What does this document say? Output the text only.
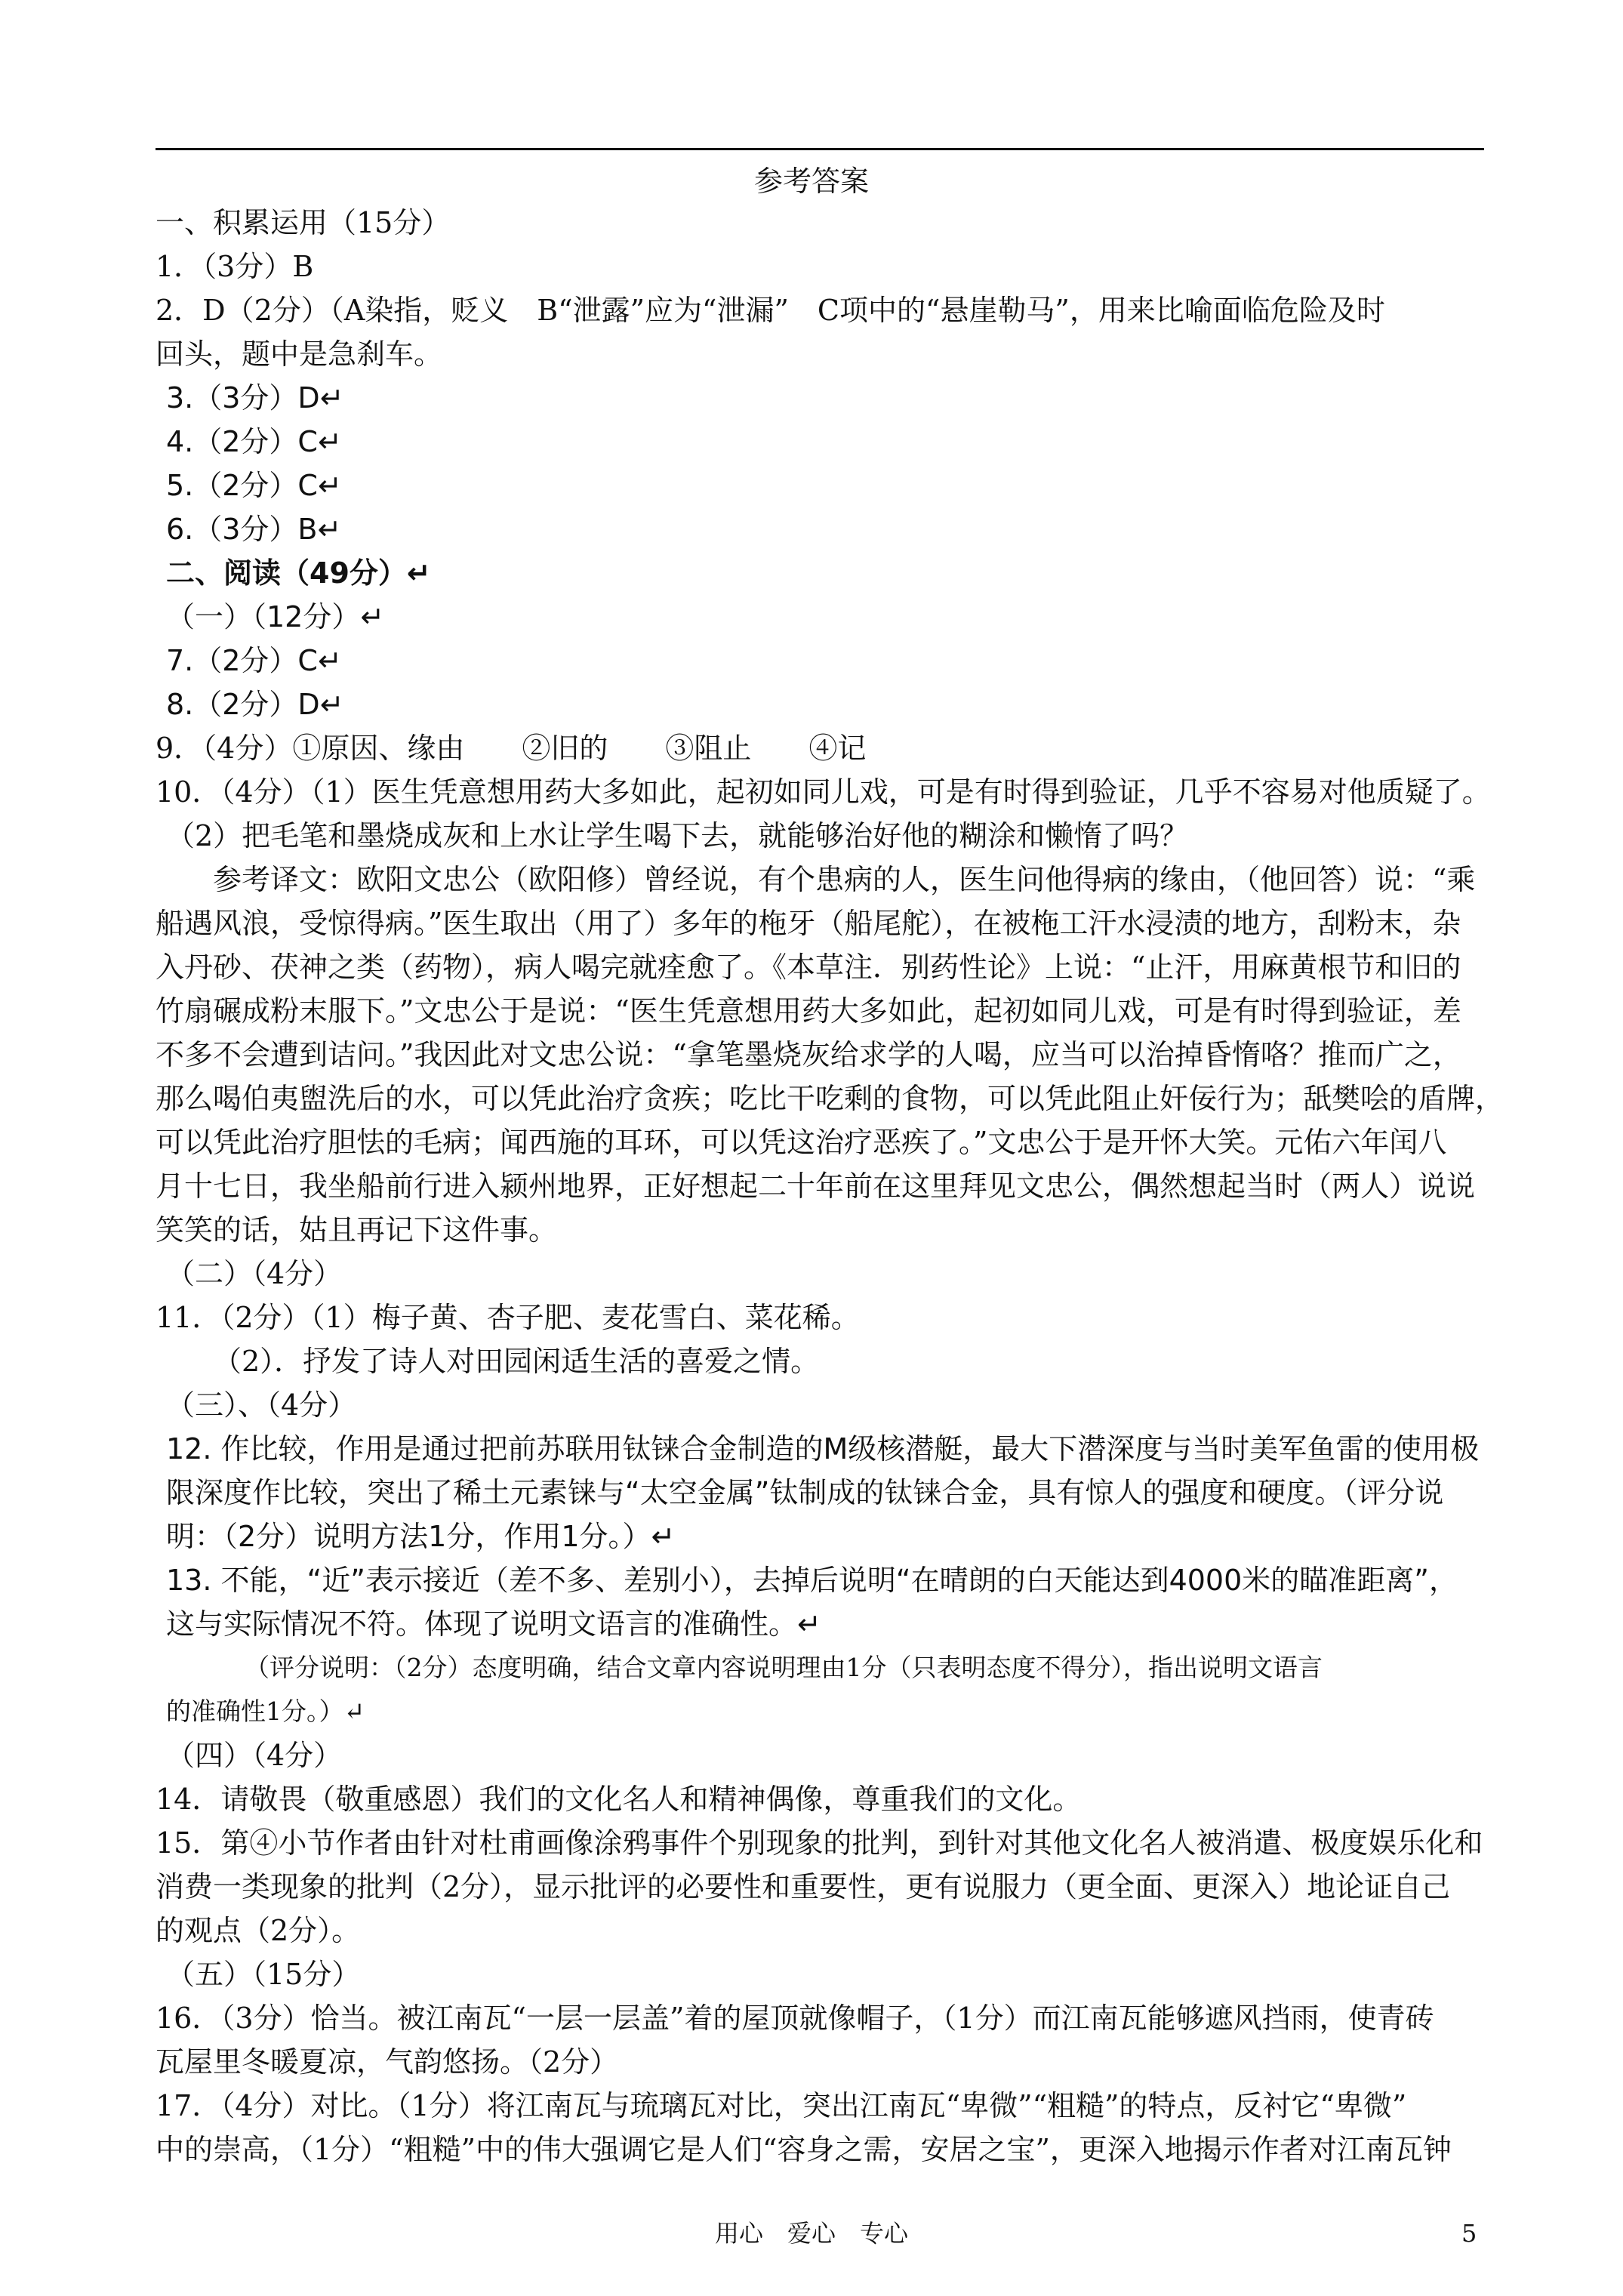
参考答案
一、积累运用（15分）
1．（3分）B
2．D（2分）（A染指，贬义　B“泄露”应为“泄漏”　C项中的“悬崖勒马”，用来比喻面临危险及时
回头，题中是急刹车。
3.（3分）D↵
4.（2分）C↵
5.（2分）C↵
6.（3分）B↵
二、阅读（49分）↵
（一）（12分）↵
7.（2分）C↵
8.（2分）D↵
9．（4分）①原因、缘由　　②旧的　　③阻止　　④记
10．（4分）（1）医生凭意想用药大多如此，起初如同儿戏，可是有时得到验证，几乎不容易对他质疑了。
（2）把毛笔和墨烧成灰和上水让学生喝下去，就能够治好他的糊涂和懒惰了吗？
参考译文：欧阳文忠公（欧阳修）曾经说，有个患病的人，医生问他得病的缘由，（他回答）说：“乘
船遇风浪，受惊得病。”医生取出（用了）多年的柂牙（船尾舵），在被柂工汗水浸渍的地方，刮粉末，杂
入丹砂、茯神之类（药物），病人喝完就痊愈了。《本草注．别药性论》上说：“止汗，用麻黄根节和旧的
竹扇碾成粉末服下。”文忠公于是说：“医生凭意想用药大多如此，起初如同儿戏，可是有时得到验证，差
不多不会遭到诘问。”我因此对文忠公说：“拿笔墨烧灰给求学的人喝，应当可以治掉昏惰咯？推而广之，
那么喝伯夷盥洗后的水，可以凭此治疗贪疾；吃比干吃剩的食物，可以凭此阻止奸佞行为；舐樊哙的盾牌，
可以凭此治疗胆怯的毛病；闻西施的耳环，可以凭这治疗恶疾了。”文忠公于是开怀大笑。元佑六年闰八
月十七日，我坐船前行进入颍州地界，正好想起二十年前在这里拜见文忠公，偶然想起当时（两人）说说
笑笑的话，姑且再记下这件事。
（二）（4分）
11．（2分）（1）梅子黄、杏子肥、麦花雪白、菜花稀。
（2）．抒发了诗人对田园闲适生活的喜爱之情。
（三）、（4分）
12. 作比较，作用是通过把前苏联用钛铼合金制造的M级核潜艇，最大下潜深度与当时美军鱼雷的使用极
限深度作比较，突出了稀土元素铼与“太空金属”钛制成的钛铼合金，具有惊人的强度和硬度。（评分说
明：（2分）说明方法1分，作用1分。）↵
13. 不能，“近”表示接近（差不多、差别小），去掉后说明“在晴朗的白天能达到4000米的瞄准距离”，
这与实际情况不符。体现了说明文语言的准确性。↵
（评分说明：（2分）态度明确，结合文章内容说明理由1分（只表明态度不得分），指出说明文语言
的准确性1分。）↵
（四）（4分）
14．请敬畏（敬重感恩）我们的文化名人和精神偶像，尊重我们的文化。
15．第④小节作者由针对杜甫画像涂鸦事件个别现象的批判，到针对其他文化名人被消遣、极度娱乐化和
消费一类现象的批判（2分），显示批评的必要性和重要性，更有说服力（更全面、更深入）地论证自己
的观点（2分）。
（五）（15分）
16．（3分）恰当。被江南瓦“一层一层盖”着的屋顶就像帽子，（1分）而江南瓦能够遮风挡雨，使青砖
瓦屋里冬暖夏凉，气韵悠扬。（2分）
17．（4分）对比。（1分）将江南瓦与琉璃瓦对比，突出江南瓦“卑微”“粗糙”的特点，反衬它“卑微”
中的崇高，（1分）“粗糙”中的伟大强调它是人们“容身之需，安居之宝”，更深入地揭示作者对江南瓦钟
用心　爱心　专心	5
